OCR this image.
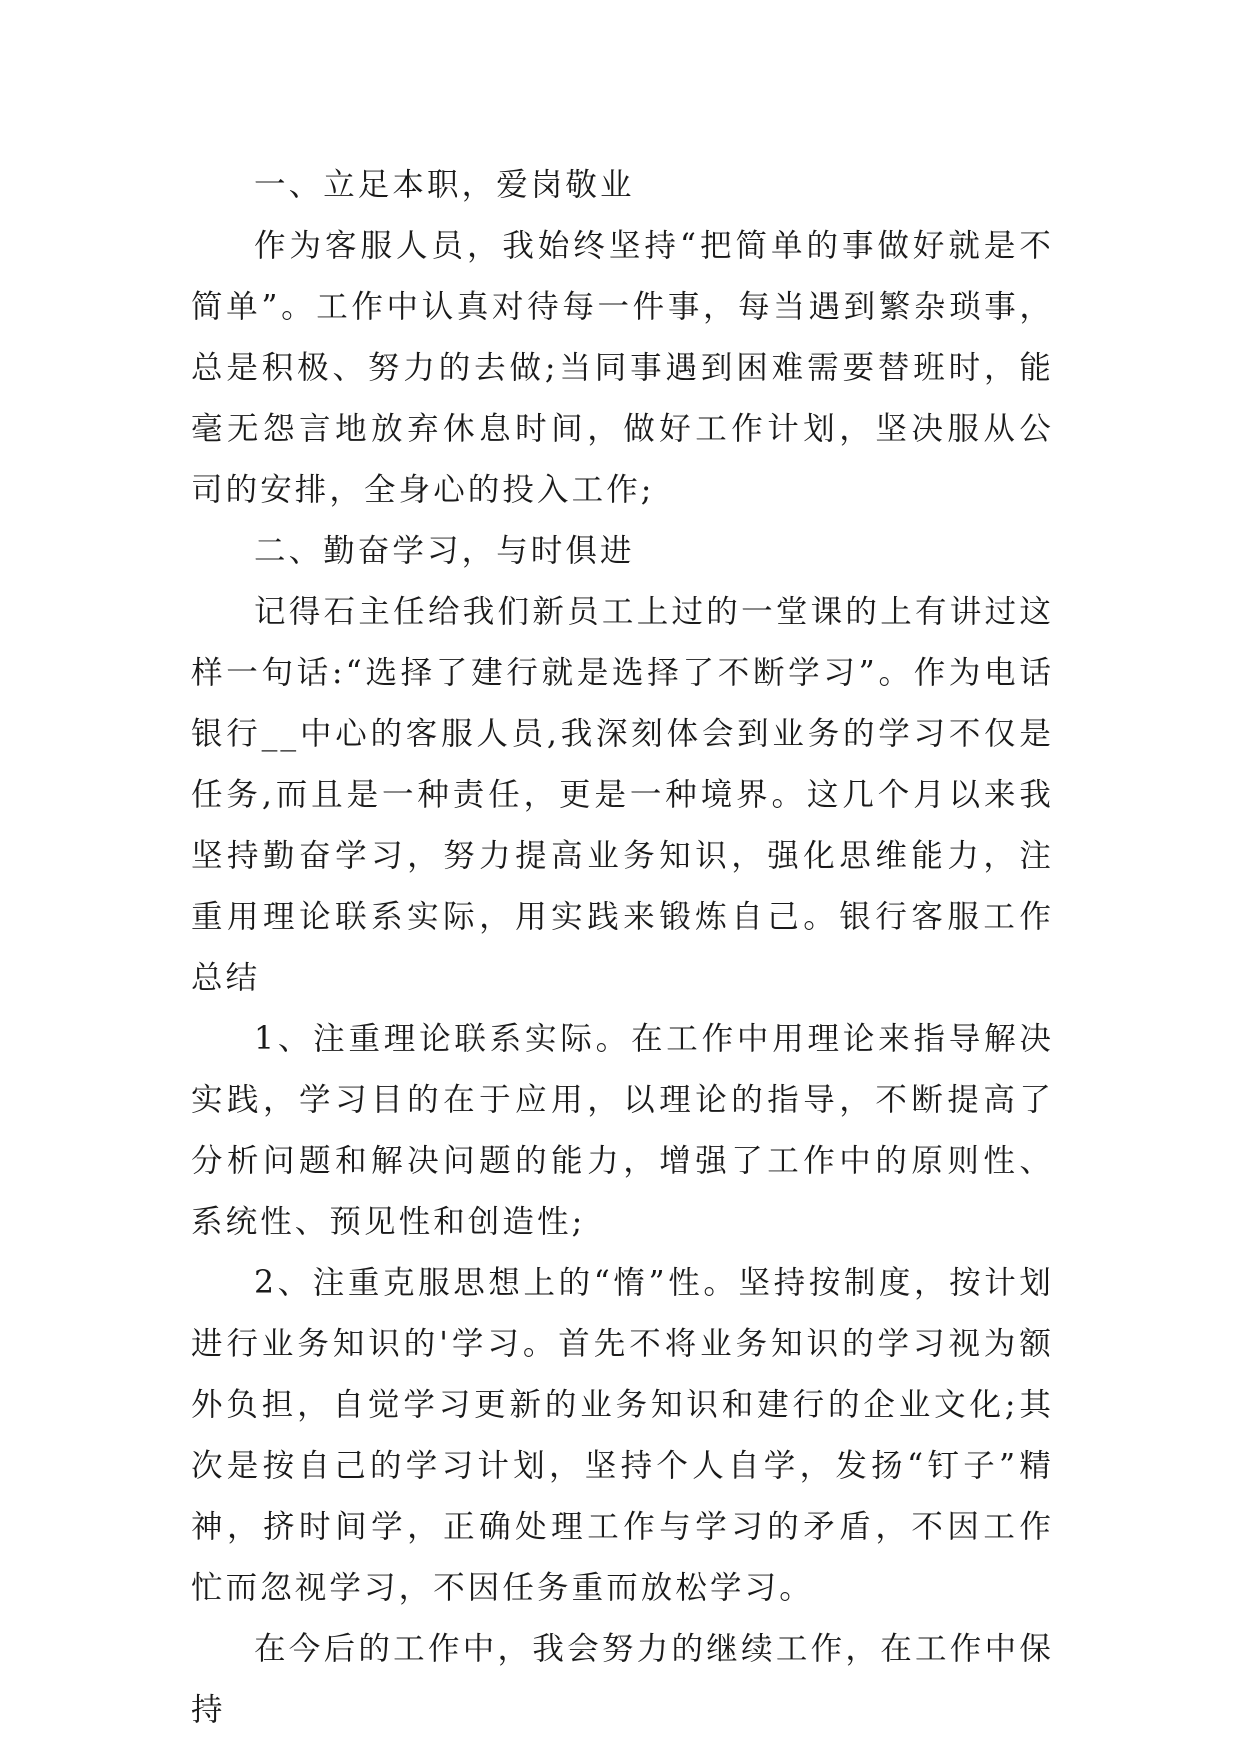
一、立足本职，爱岗敬业

作为客服人员，我始终坚持“把简单的事做好就是不简单”。工作中认真对待每一件事，每当遇到繁杂琐事，总是积极、努力的去做;当同事遇到困难需要替班时，能毫无怨言地放弃休息时间，做好工作计划，坚决服从公司的安排，全身心的投入工作;

二、勤奋学习，与时俱进

记得石主任给我们新员工上过的一堂课的上有讲过这样一句话:“选择了建行就是选择了不断学习”。作为电话银行__中心的客服人员,我深刻体会到业务的学习不仅是任务,而且是一种责任，更是一种境界。这几个月以来我坚持勤奋学习，努力提高业务知识，强化思维能力，注重用理论联系实际，用实践来锻炼自己。银行客服工作总结

1、注重理论联系实际。在工作中用理论来指导解决实践，学习目的在于应用，以理论的指导，不断提高了分析问题和解决问题的能力，增强了工作中的原则性、系统性、预见性和创造性;

2、注重克服思想上的“惰”性。坚持按制度，按计划进行业务知识的'学习。首先不将业务知识的学习视为额外负担，自觉学习更新的业务知识和建行的企业文化;其次是按自己的学习计划，坚持个人自学，发扬“钉子”精神，挤时间学，正确处理工作与学习的矛盾，不因工作忙而忽视学习，不因任务重而放松学习。

在今后的工作中，我会努力的继续工作，在工作中保持
